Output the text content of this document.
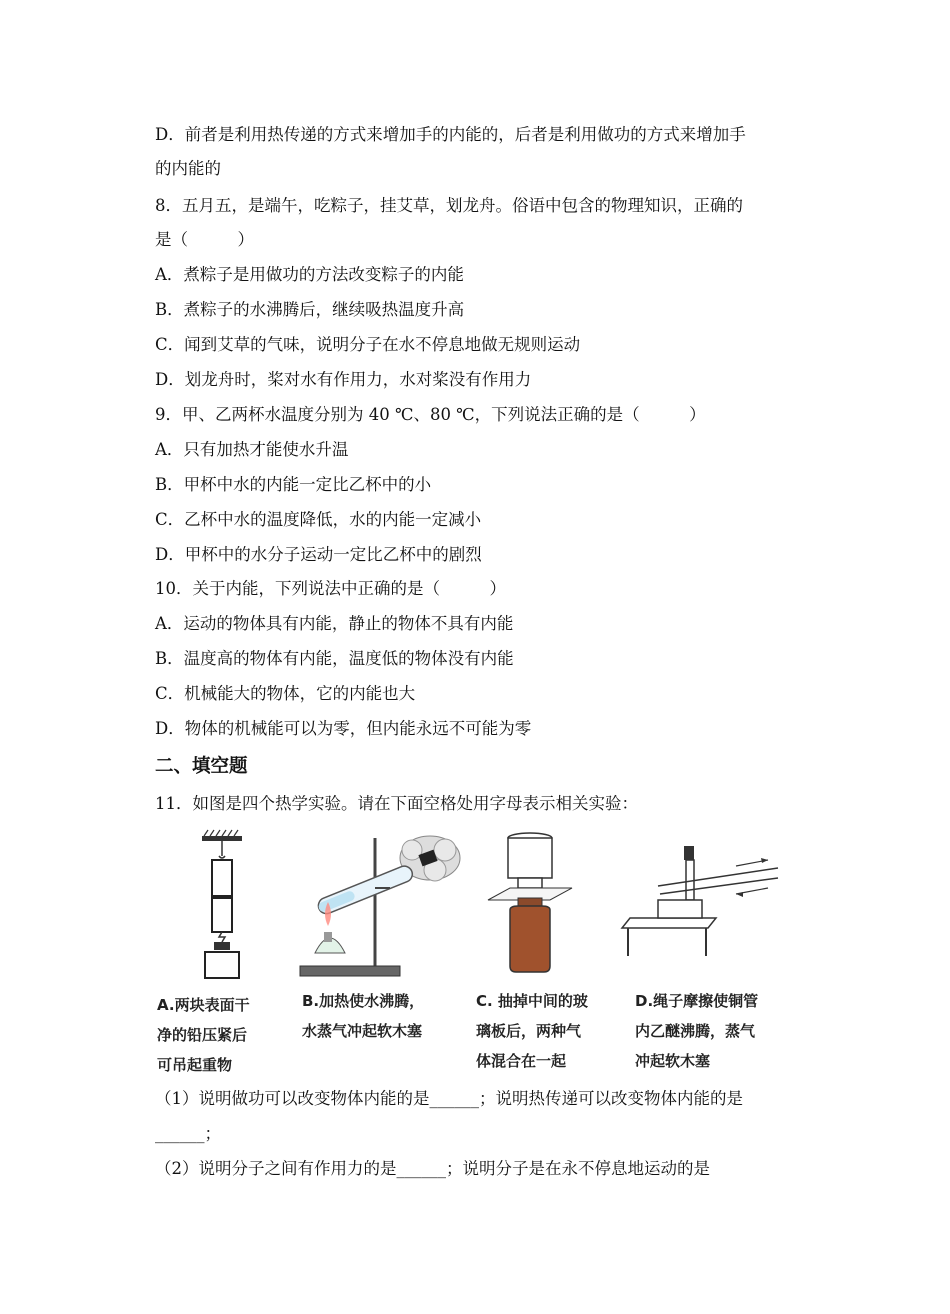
D．前者是利用热传递的方式来增加手的内能的，后者是利用做功的方式来增加手
的内能的
8．五月五，是端午，吃粽子，挂艾草，划龙舟。俗语中包含的物理知识，正确的
是（　　　）
A．煮粽子是用做功的方法改变粽子的内能
B．煮粽子的水沸腾后，继续吸热温度升高
C．闻到艾草的气味，说明分子在水不停息地做无规则运动
D．划龙舟时，桨对水有作用力，水对桨没有作用力
9．甲、乙两杯水温度分别为 40 ℃、80 ℃，下列说法正确的是（　　　）
A．只有加热才能使水升温
B．甲杯中水的内能一定比乙杯中的小
C．乙杯中水的温度降低，水的内能一定减小
D．甲杯中的水分子运动一定比乙杯中的剧烈
10．关于内能，下列说法中正确的是（　　　）
A．运动的物体具有内能，静止的物体不具有内能
B．温度高的物体有内能，温度低的物体没有内能
C．机械能大的物体，它的内能也大
D．物体的机械能可以为零，但内能永远不可能为零
二、填空题
11．如图是四个热学实验。请在下面空格处用字母表示相关实验：
A.两块表面干
净的铅压紧后
可吊起重物
B.加热使水沸腾，
水蒸气冲起软木塞
C. 抽掉中间的玻
璃板后，两种气
体混合在一起
D.绳子摩擦使铜管
内乙醚沸腾，蒸气
冲起软木塞
（1）说明做功可以改变物体内能的是______；说明热传递可以改变物体内能的是
______；
（2）说明分子之间有作用力的是______；说明分子是在永不停息地运动的是
